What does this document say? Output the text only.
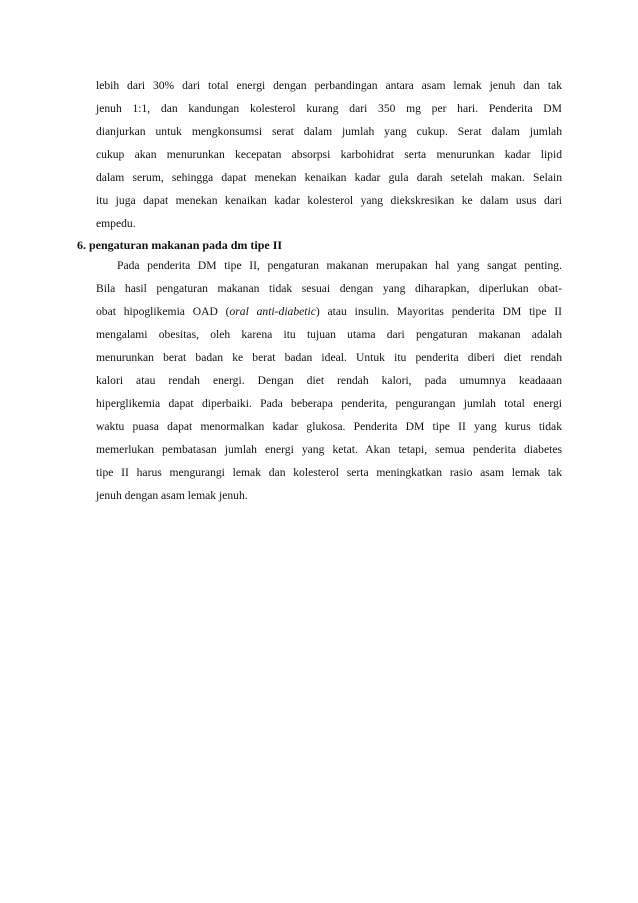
lebih dari 30% dari total energi dengan perbandingan antara asam lemak jenuh dan tak
jenuh 1:1, dan kandungan kolesterol kurang dari 350 mg per hari. Penderita DM
dianjurkan untuk mengkonsumsi serat dalam jumlah yang cukup. Serat dalam jumlah
cukup akan menurunkan kecepatan absorpsi karbohidrat serta menurunkan kadar lipid
dalam serum, sehingga dapat menekan kenaikan kadar gula darah setelah makan. Selain
itu juga dapat menekan kenaikan kadar kolesterol yang diekskresikan ke dalam usus dari
empedu.
6. pengaturan makanan pada dm tipe II
Pada penderita DM tipe II, pengaturan makanan merupakan hal yang sangat penting.
Bila hasil pengaturan makanan tidak sesuai dengan yang diharapkan, diperlukan obat-
obat hipoglikemia OAD (oral anti-diabetic) atau insulin. Mayoritas penderita DM tipe II
mengalami obesitas, oleh karena itu tujuan utama dari pengaturan makanan adalah
menurunkan berat badan ke berat badan ideal. Untuk itu penderita diberi diet rendah
kalori atau rendah energi. Dengan diet rendah kalori, pada umumnya keadaaan
hiperglikemia dapat diperbaiki. Pada beberapa penderita, pengurangan jumlah total energi
waktu puasa dapat menormalkan kadar glukosa. Penderita DM tipe II yang kurus tidak
memerlukan pembatasan jumlah energi yang ketat. Akan tetapi, semua penderita diabetes
tipe II harus mengurangi lemak dan kolesterol serta meningkatkan rasio asam lemak tak
jenuh dengan asam lemak jenuh.
